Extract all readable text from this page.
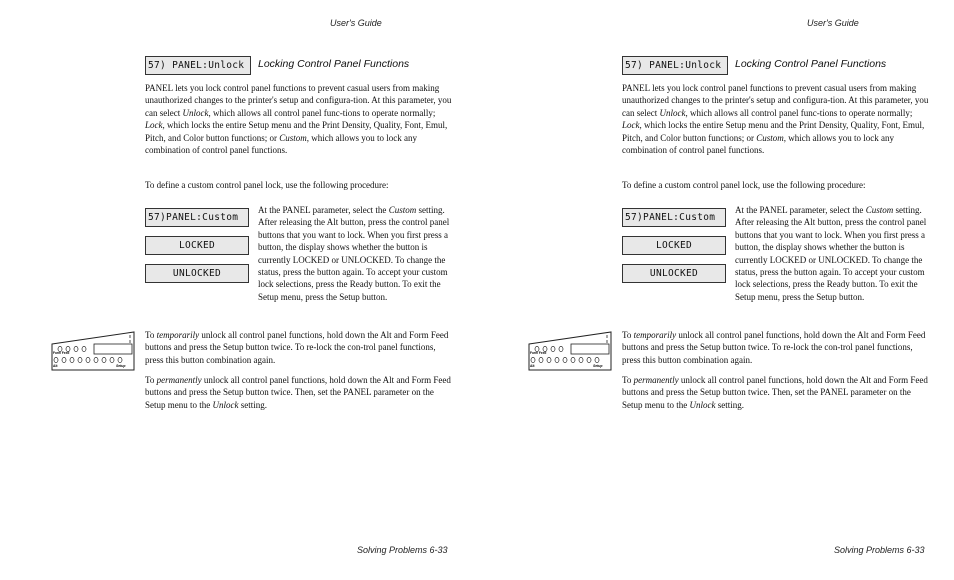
User's Guide
57) PANEL:Unlock	Locking Control Panel Functions

PANEL lets you lock control panel functions to prevent casual users from making unauthorized changes to the printer's setup and configura-tion. At this parameter, you can select Unlock, which allows all control panel func-tions to operate normally; Lock, which locks the entire Setup menu and the Print Density, Quality, Font, Emul, Pitch, and Color button functions; or Custom, which allows you to lock any combination of control panel functions.

To define a custom control panel lock, use the following procedure:

57)PANEL:Custom
LOCKED
UNLOCKED

At the PANEL parameter, select the Custom setting. After releasing the Alt button, press the control panel buttons that you want to lock. When you first press a button, the display shows whether the button is currently LOCKED or UNLOCKED. To change the status, press the button again. To accept your custom lock selections, press the Ready button. To exit the Setup menu, press the Setup button.

Form Feed
Alt	Setup

To temporarily unlock all control panel functions, hold down the Alt and Form Feed buttons and press the Setup button twice. To re-lock the con-trol panel functions, press this button combination again.

To permanently unlock all control panel functions, hold down the Alt and Form Feed buttons and press the Setup button twice. Then, set the PANEL parameter on the Setup menu to the Unlock setting.

Solving Problems 6-33
User's Guide
57) PANEL:Unlock	Locking Control Panel Functions

PANEL lets you lock control panel functions to prevent casual users from making unauthorized changes to the printer's setup and configura-tion. At this parameter, you can select Unlock, which allows all control panel func-tions to operate normally; Lock, which locks the entire Setup menu and the Print Density, Quality, Font, Emul, Pitch, and Color button functions; or Custom, which allows you to lock any combination of control panel functions.

To define a custom control panel lock, use the following procedure:

57)PANEL:Custom
LOCKED
UNLOCKED

At the PANEL parameter, select the Custom setting. After releasing the Alt button, press the control panel buttons that you want to lock. When you first press a button, the display shows whether the button is currently LOCKED or UNLOCKED. To change the status, press the button again. To accept your custom lock selections, press the Ready button. To exit the Setup menu, press the Setup button.

Form Feed
Alt	Setup

To temporarily unlock all control panel functions, hold down the Alt and Form Feed buttons and press the Setup button twice. To re-lock the con-trol panel functions, press this button combination again.

To permanently unlock all control panel functions, hold down the Alt and Form Feed buttons and press the Setup button twice. Then, set the PANEL parameter on the Setup menu to the Unlock setting.

Solving Problems 6-33
